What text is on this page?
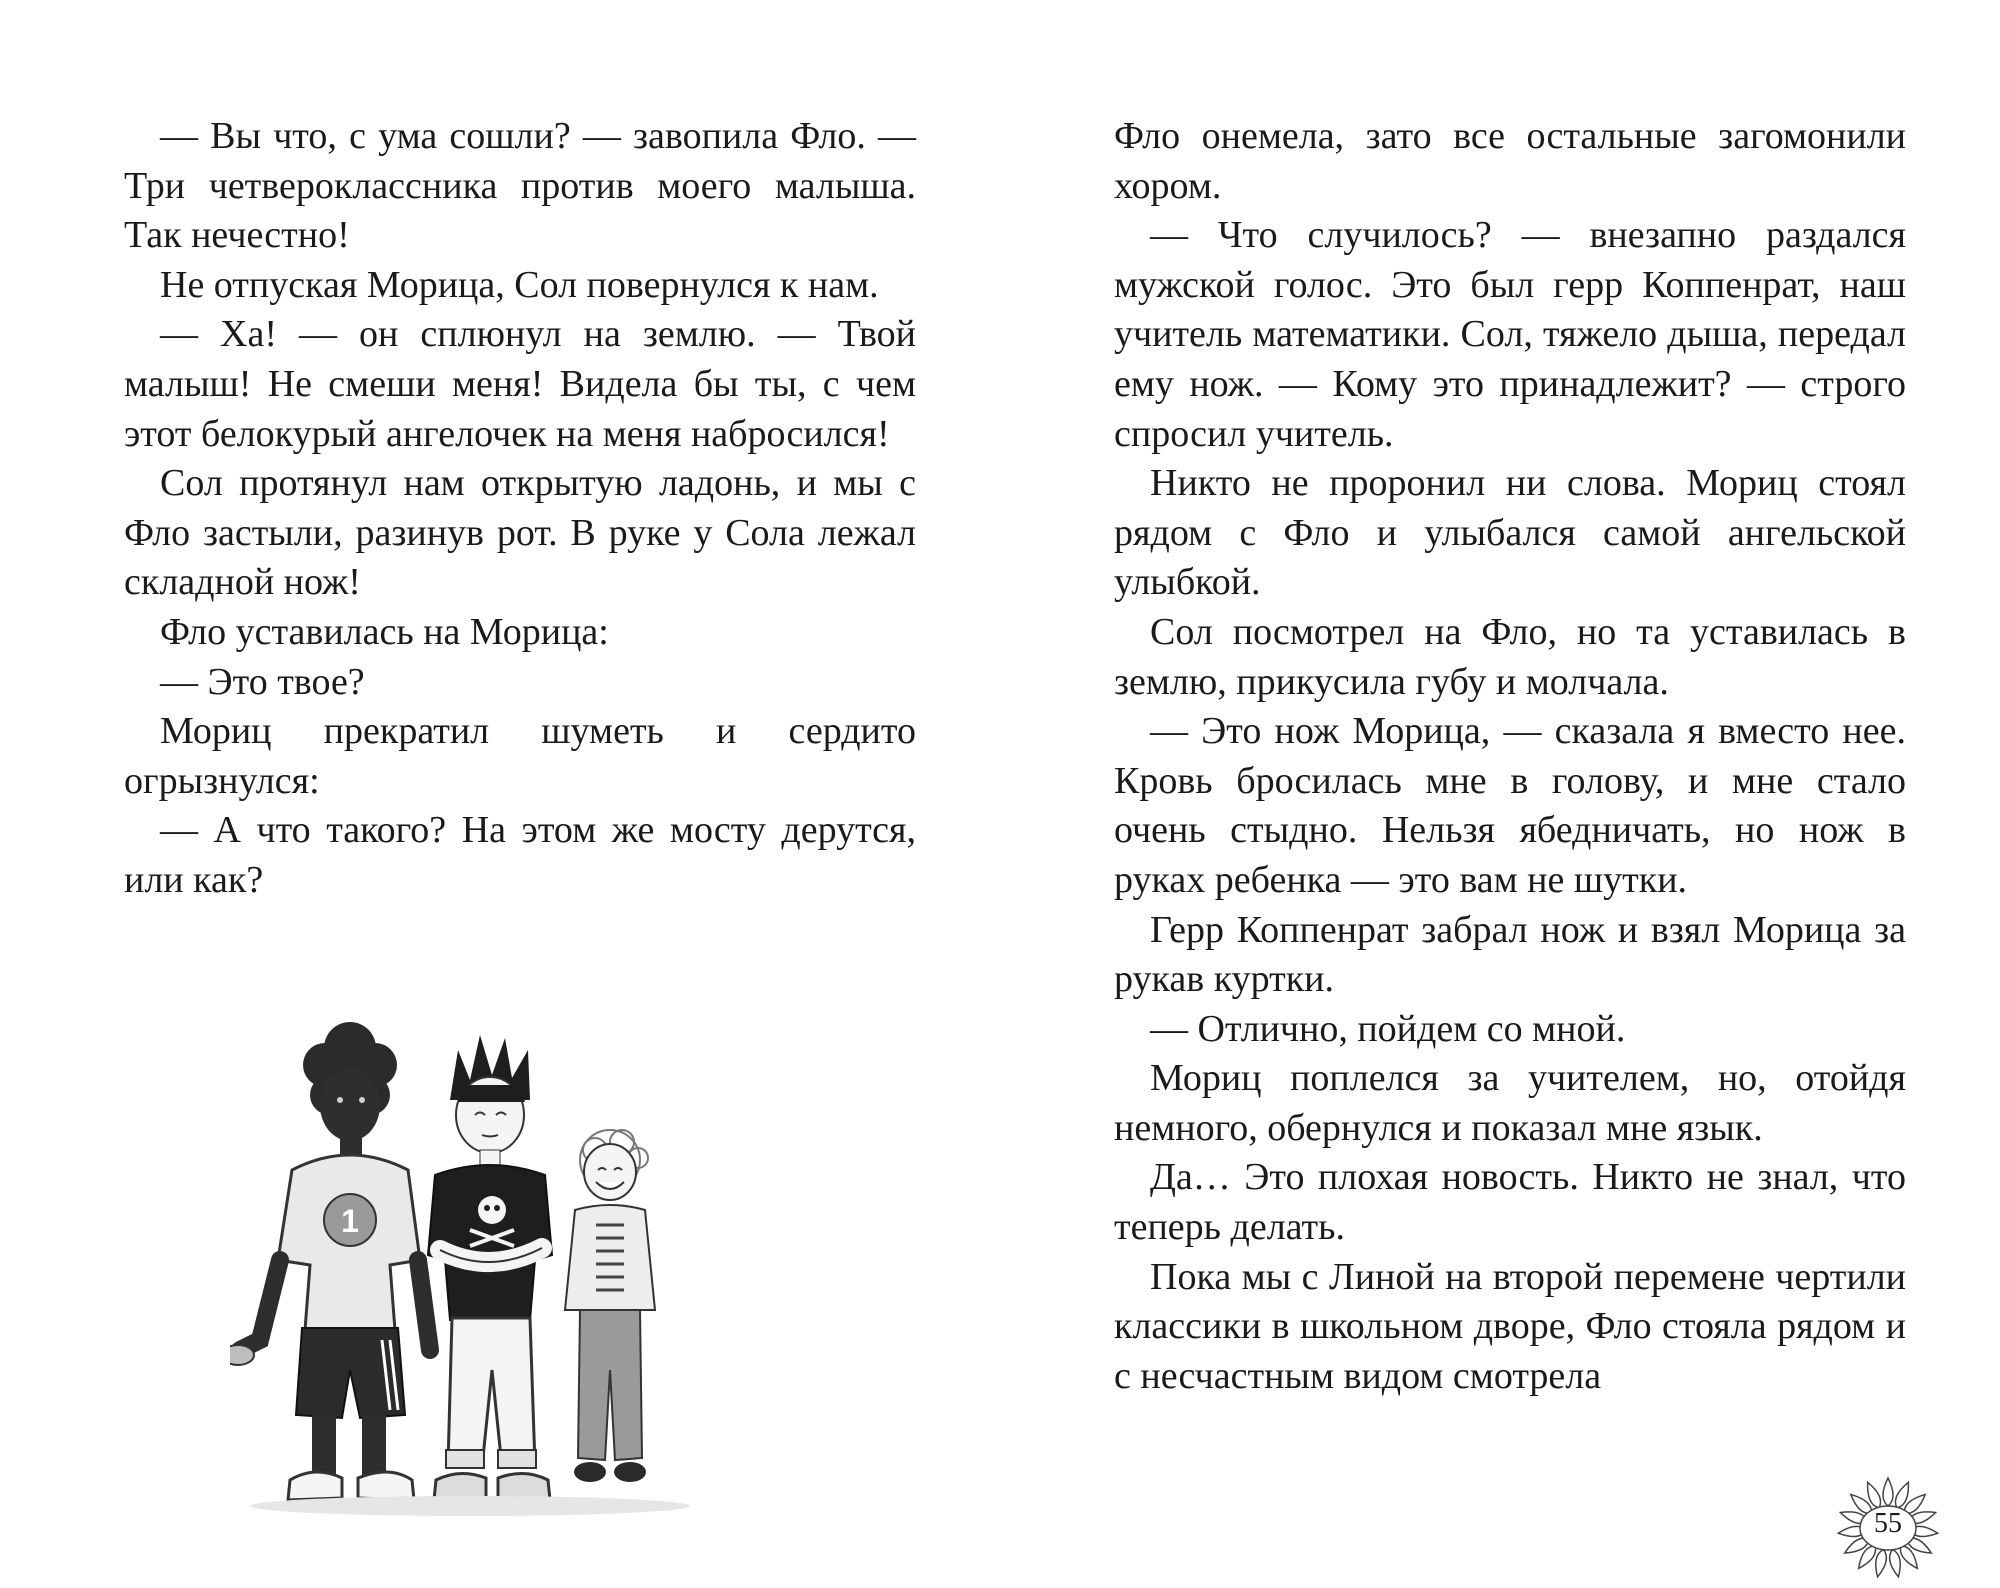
— Вы что, с ума сошли? — завопила Фло. — Три четвероклассника против моего малыша. Так нечестно!

Не отпуская Морица, Сол повернулся к нам.

— Ха! — он сплюнул на землю. — Твой малыш! Не смеши меня! Видела бы ты, с чем этот белокурый ангелочек на меня набросился!

Сол протянул нам открытую ладонь, и мы с Фло застыли, разинув рот. В руке у Сола лежал складной нож!

Фло уставилась на Морица:

— Это твое?

Мориц прекратил шуметь и сердито огрызнулся:

— А что такого? На этом же мосту дерутся, или как?

1

Фло онемела, зато все остальные загомонили хором.

— Что случилось? — внезапно раздался мужской голос. Это был герр Коппенрат, наш учитель математики. Сол, тяжело дыша, передал ему нож. — Кому это принадлежит? — строго спросил учитель.

Никто не проронил ни слова. Мориц стоял рядом с Фло и улыбался самой ангельской улыбкой.

Сол посмотрел на Фло, но та уставилась в землю, прикусила губу и молчала.

— Это нож Морица, — сказала я вместо нее. Кровь бросилась мне в голову, и мне стало очень стыдно. Нельзя ябедничать, но нож в руках ребенка — это вам не шутки.

Герр Коппенрат забрал нож и взял Морица за рукав куртки.

— Отлично, пойдем со мной.

Мориц поплелся за учителем, но, отойдя немного, обернулся и показал мне язык.

Да… Это плохая новость. Никто не знал, что теперь делать.

Пока мы с Линой на второй перемене чертили классики в школьном дворе, Фло стояла рядом и с несчастным видом смотрела

55
